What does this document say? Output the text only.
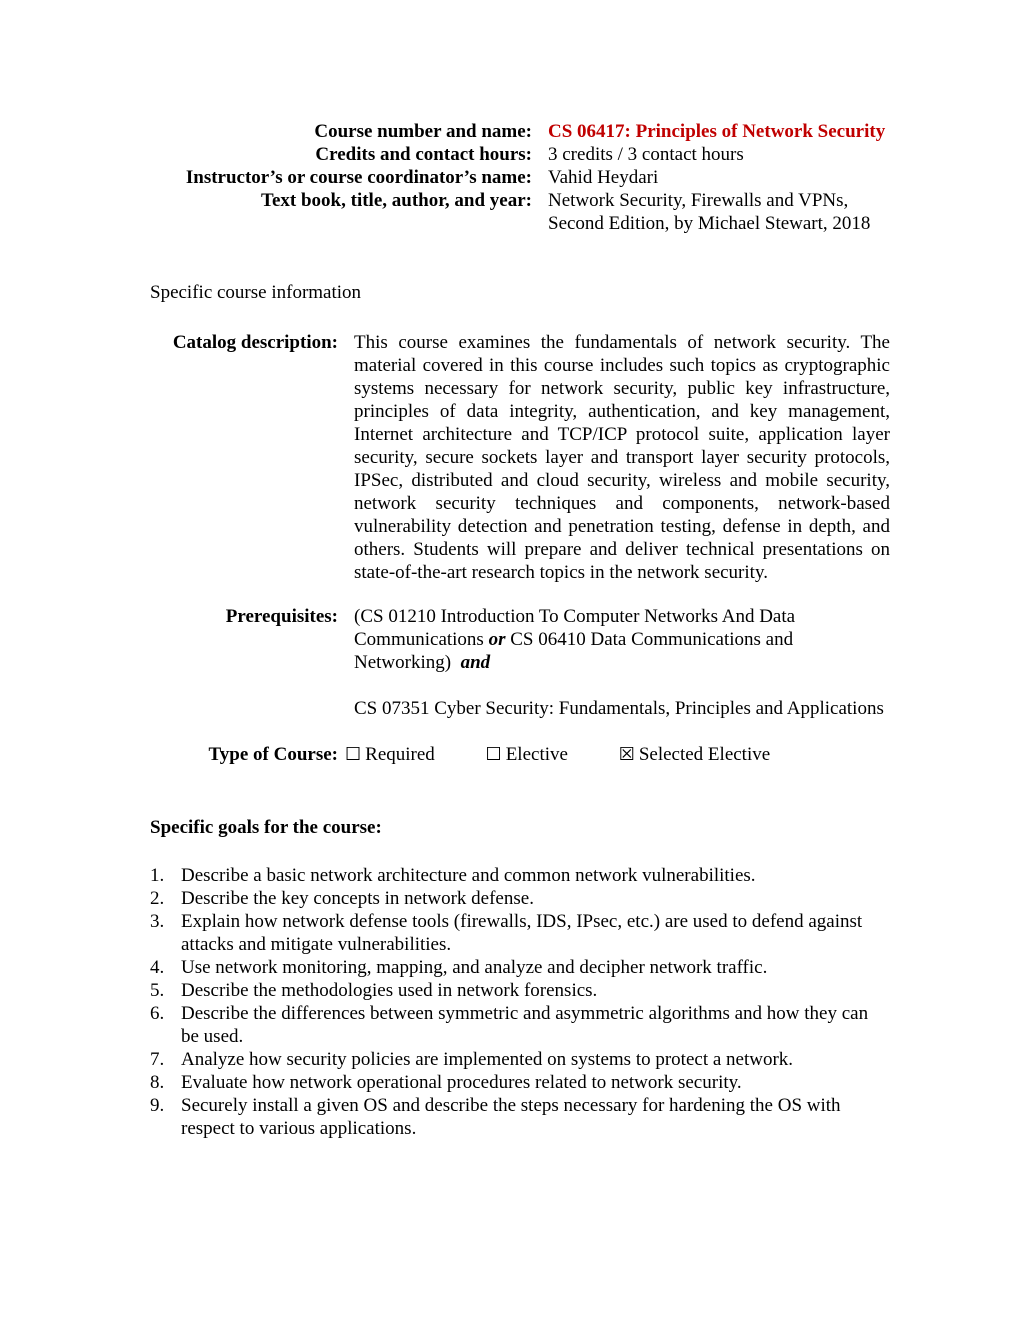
Course number and name: CS 06417: Principles of Network Security
Credits and contact hours: 3 credits / 3 contact hours
Instructor’s or course coordinator’s name: Vahid Heydari
Text book, title, author, and year: Network Security, Firewalls and VPNs, Second Edition, by Michael Stewart, 2018

Specific course information

Catalog description: This course examines the fundamentals of network security. The material covered in this course includes such topics as cryptographic systems necessary for network security, public key infrastructure, principles of data integrity, authentication, and key management, Internet architecture and TCP/ICP protocol suite, application layer security, secure sockets layer and transport layer security protocols, IPSec, distributed and cloud security, wireless and mobile security, network security techniques and components, network-based vulnerability detection and penetration testing, defense in depth, and others. Students will prepare and deliver technical presentations on state-of-the-art research topics in the network security.
Prerequisites: (CS 01210 Introduction To Computer Networks And Data Communications or CS 06410 Data Communications and Networking)  and

CS 07351 Cyber Security: Fundamentals, Principles and Applications

Type of Course: ☐ Required	☐ Elective	☒ Selected Elective

Specific goals for the course:

1. Describe a basic network architecture and common network vulnerabilities.
2. Describe the key concepts in network defense.
3. Explain how network defense tools (firewalls, IDS, IPsec, etc.) are used to defend against attacks and mitigate vulnerabilities.
4. Use network monitoring, mapping, and analyze and decipher network traffic.
5. Describe the methodologies used in network forensics.
6. Describe the differences between symmetric and asymmetric algorithms and how they can be used.
7. Analyze how security policies are implemented on systems to protect a network.
8. Evaluate how network operational procedures related to network security.
9. Securely install a given OS and describe the steps necessary for hardening the OS with respect to various applications.
